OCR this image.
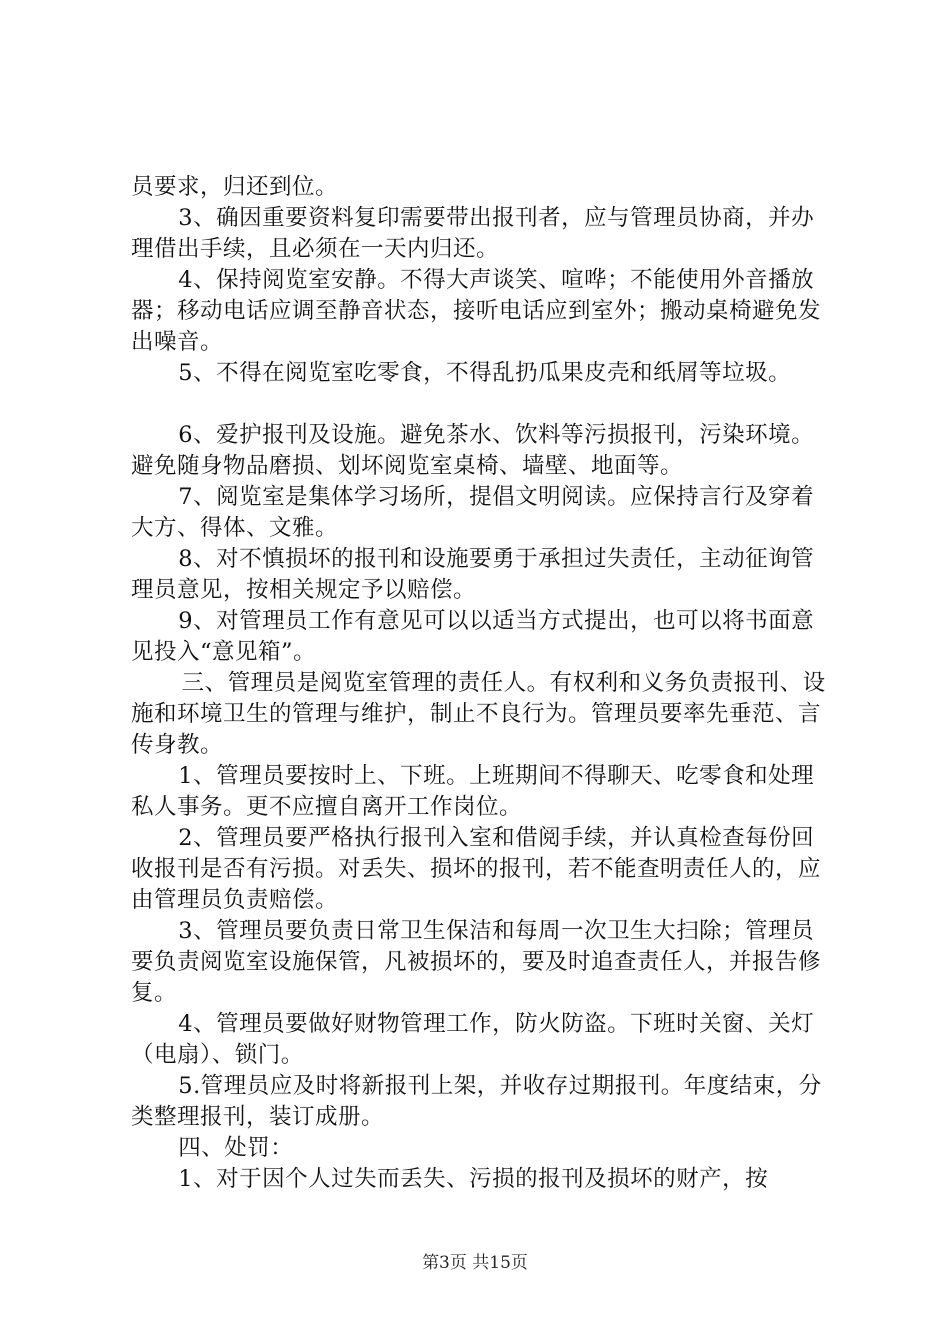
员要求，归还到位。

3、确因重要资料复印需要带出报刊者，应与管理员协商，并办理借出手续，且必须在一天内归还。

4、保持阅览室安静。不得大声谈笑、喧哗；不能使用外音播放器；移动电话应调至静音状态，接听电话应到室外；搬动桌椅避免发出噪音。

5、不得在阅览室吃零食，不得乱扔瓜果皮壳和纸屑等垃圾。

6、爱护报刊及设施。避免茶水、饮料等污损报刊，污染环境。避免随身物品磨损、划坏阅览室桌椅、墙壁、地面等。

7、阅览室是集体学习场所，提倡文明阅读。应保持言行及穿着大方、得体、文雅。

8、对不慎损坏的报刊和设施要勇于承担过失责任，主动征询管理员意见，按相关规定予以赔偿。

9、对管理员工作有意见可以以适当方式提出，也可以将书面意见投入“意见箱”。

三、管理员是阅览室管理的责任人。有权利和义务负责报刊、设施和环境卫生的管理与维护，制止不良行为。管理员要率先垂范、言传身教。

1、管理员要按时上、下班。上班期间不得聊天、吃零食和处理私人事务。更不应擅自离开工作岗位。

2、管理员要严格执行报刊入室和借阅手续，并认真检查每份回收报刊是否有污损。对丢失、损坏的报刊，若不能查明责任人的，应由管理员负责赔偿。

3、管理员要负责日常卫生保洁和每周一次卫生大扫除；管理员要负责阅览室设施保管，凡被损坏的，要及时追查责任人，并报告修复。

4、管理员要做好财物管理工作，防火防盗。下班时关窗、关灯（电扇）、锁门。

5.管理员应及时将新报刊上架，并收存过期报刊。年度结束，分类整理报刊，装订成册。

四、处罚：

1、对于因个人过失而丢失、污损的报刊及损坏的财产，按

第3页 共15页
